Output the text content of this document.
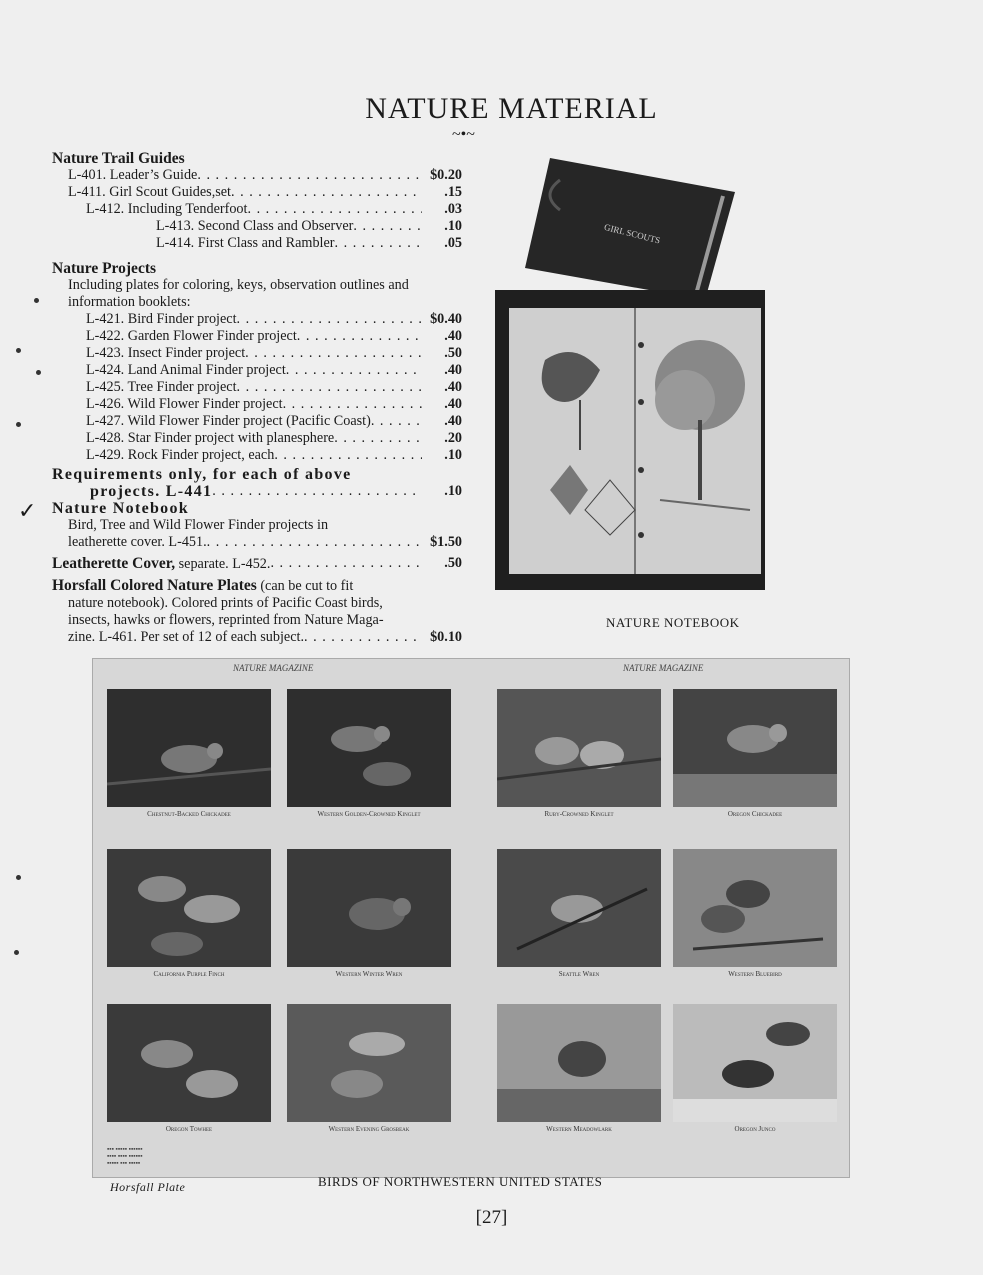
NATURE MATERIAL
~•~
Nature Trail Guides
L-401. Leader’s Guide . . .	$0.20
L-411. Girl Scout Guides,set . . .	.15
L-412. Including Tenderfoot . . .	.03
L-413. Second Class and Observer . . .	.10
L-414. First Class and Rambler . . .	.05
Nature Projects
Including plates for coloring, keys, observation outlines and information booklets:
L-421. Bird Finder project . . .	$0.40
L-422. Garden Flower Finder project . . .	.40
L-423. Insect Finder project . . .	.50
L-424. Land Animal Finder project . . .	.40
L-425. Tree Finder project . . .	.40
L-426. Wild Flower Finder project . . .	.40
L-427. Wild Flower Finder project (Pacific Coast) . . .	.40
L-428. Star Finder project with planesphere . . .	.20
L-429. Rock Finder project, each . . .	.10
Requirements only, for each of above
projects. L-441 . . .	.10
Nature Notebook
Bird, Tree and Wild Flower Finder projects in
leatherette cover. L-451. . . .	$1.50
Leatherette Cover, separate. L-452. . . .	.50
Horsfall Colored Nature Plates (can be cut to fit
nature notebook). Colored prints of Pacific Coast birds,
insects, hawks or flowers, reprinted from Nature Maga-
zine. L-461. Per set of 12 of each subject. . . .	$0.10
✓
GIRL SCOUTS
NATURE NOTEBOOK
NATURE MAGAZINE	NATURE MAGAZINE
Chestnut-Backed Chickadee	Western Golden-Crowned Kinglet	Ruby-Crowned Kinglet	Oregon Chickadee
California Purple Finch	Western Winter Wren	Seattle Wren	Western Bluebird
Oregon Towhee	Western Evening Grosbeak	Western Meadowlark	Oregon Junco
▪▪▪ ▪▪▪▪▪ ▪▪▪▪▪▪
▪▪▪▪ ▪▪▪▪ ▪▪▪▪▪▪
▪▪▪▪▪ ▪▪▪ ▪▪▪▪▪
Horsfall Plate	BIRDS OF NORTHWESTERN UNITED STATES
[27]
